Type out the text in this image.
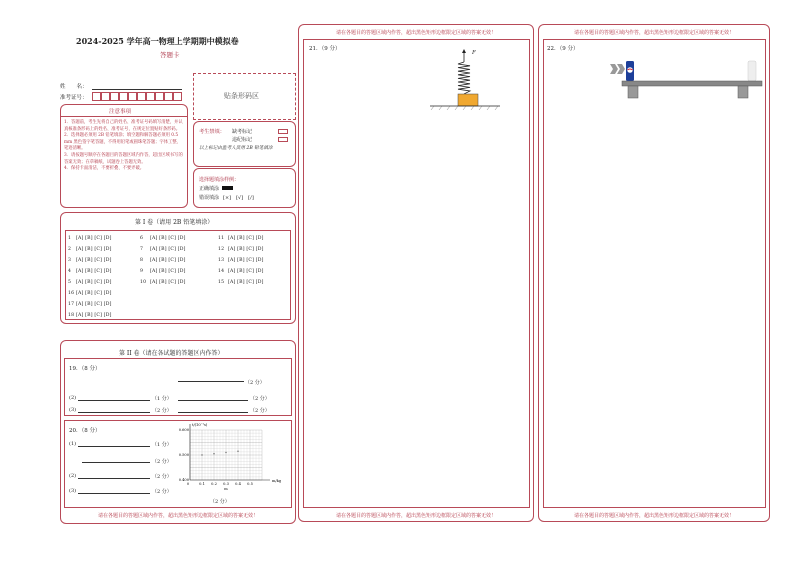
2024-2025 学年高一物理上学期期中模拟卷
答题卡
姓　　名：
准考证号：	贴条形码区
注意事项
1．答题前，考生先将自己的姓名、准考证号码填写清楚，并认真核准条形码上的姓名、准考证号，在规定位置贴好条形码。
2．选择题必须用 2B 铅笔填涂；填空题和解答题必须用 0.5 mm 黑色签字笔答题，不得用铅笔或圆珠笔答题；字体工整、笔迹清晰。
3．请按题号顺序在各题目的答题区域内作答，超出区域书写的答案无效；在草稿纸、试题卷上答题无效。
4．保持卡面清洁，不要折叠、不要弄破。
考生禁填： 缺考标记
违纪标记
以上标记由监考人员用 2B 铅笔填涂
选择题填涂样例：
正确填涂
错误填涂 [×]　[√]　[/]
第 I 卷（请用 2B 铅笔填涂）
1 [A] [B] [C] [D]
2 [A] [B] [C] [D]
3 [A] [B] [C] [D]
4 [A] [B] [C] [D]
5 [A] [B] [C] [D]
16 [A] [B] [C] [D]
17 [A] [B] [C] [D]
18 [A] [B] [C] [D]
6 [A] [B] [C] [D]
7 [A] [B] [C] [D]
8 [A] [B] [C] [D]
9 [A] [B] [C] [D]
10 [A] [B] [C] [D]
11 [A] [B] [C] [D]
12 [A] [B] [C] [D]
13 [A] [B] [C] [D]
14 [A] [B] [C] [D]
15 [A] [B] [C] [D]
第 II 卷（请在各试题的答题区内作答）
19．（8 分）
（2 分）
(2)	（1 分）	（2 分）
(3)	（2 分）	（2 分）
20．（8 分）
(1)	（1 分）
（2 分）
(2)	（2 分）
(3)	（2 分）
t/(10⁻¹s)
0.600
0.500
0.400
0	0.1 0.2 0.3 0.4 0.5
m/kg
m
（2 分）
请在各题目的答题区域内作答，超出黑色矩形边框限定区域的答案无效！
请在各题目的答题区域内作答，超出黑色矩形边框限定区域的答案无效！
21．（9 分）
F
请在各题目的答题区域内作答，超出黑色矩形边框限定区域的答案无效！
请在各题目的答题区域内作答，超出黑色矩形边框限定区域的答案无效！
22．（9 分）
请在各题目的答题区域内作答，超出黑色矩形边框限定区域的答案无效！
